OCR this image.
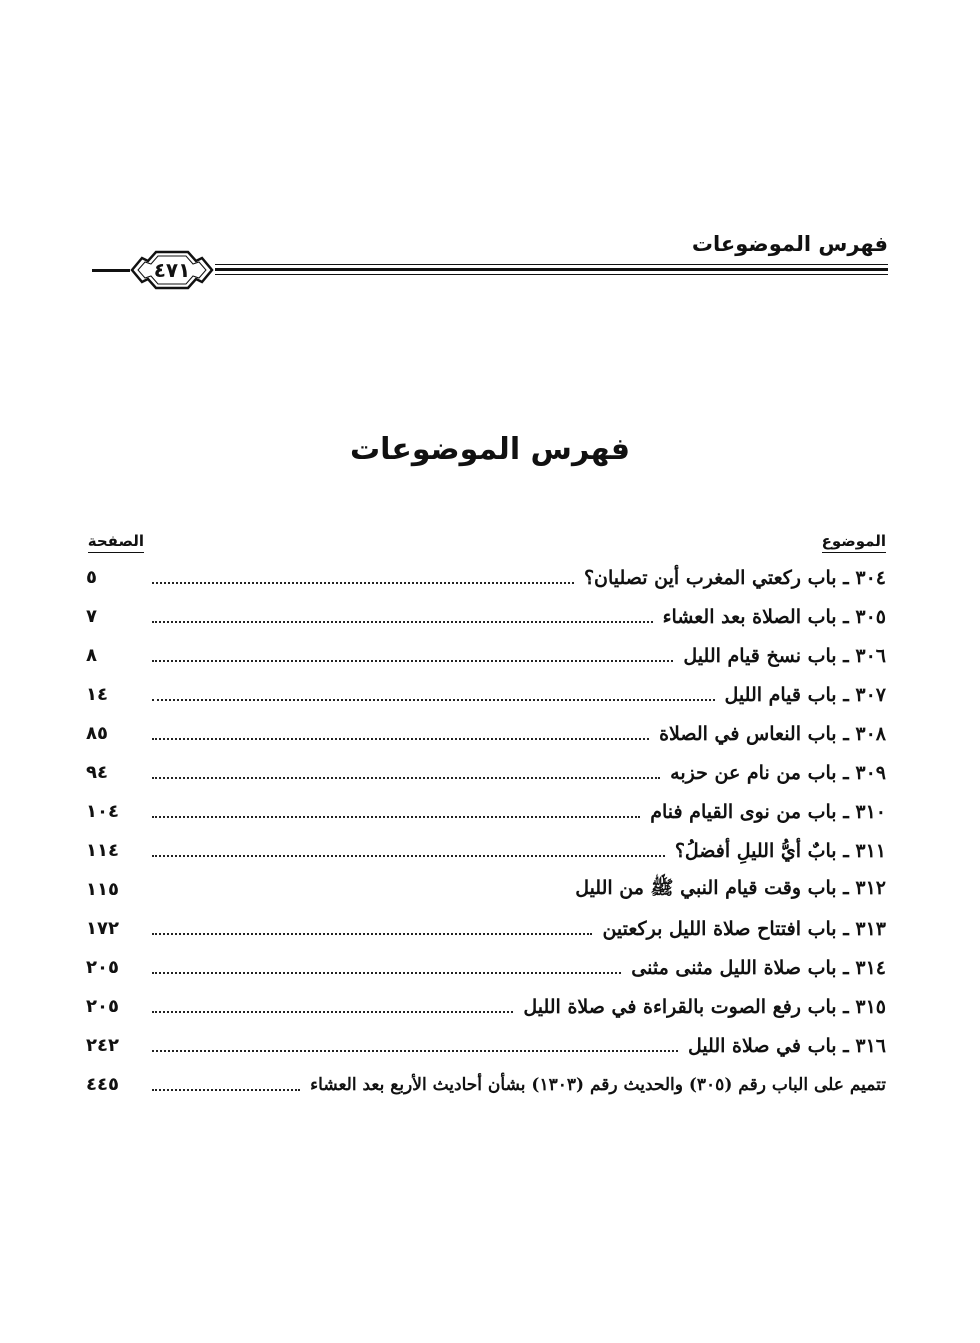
فهرس الموضوعات
٤٧١
فهرس الموضوعات
الموضوع
الصفحة
٣٠٤ ـ باب ركعتي المغرب أين تصليان؟
٥
٣٠٥ ـ باب الصلاة بعد العشاء
٧
٣٠٦ ـ باب نسخ قيام الليل
٨
٣٠٧ ـ باب قيام الليل
١٤
٣٠٨ ـ باب النعاس في الصلاة
٨٥
٣٠٩ ـ باب من نام عن حزبه
٩٤
٣١٠ ـ باب من نوى القيام فنام
١٠٤
٣١١ ـ بابٌ أيُّ الليلِ أفضلُ؟
١١٤
٣١٢ ـ باب وقت قيام النبي ﷺ من الليل
١١٥
٣١٣ ـ باب افتتاح صلاة الليل بركعتين
١٧٢
٣١٤ ـ باب صلاة الليل مثنى مثنى
٢٠٥
٣١٥ ـ باب رفع الصوت بالقراءة في صلاة الليل
٢٠٥
٣١٦ ـ باب في صلاة الليل
٢٤٢
تتميم على الباب رقم (٣٠٥) والحديث رقم (١٣٠٣) بشأن أحاديث الأربع بعد العشاء
٤٤٥
